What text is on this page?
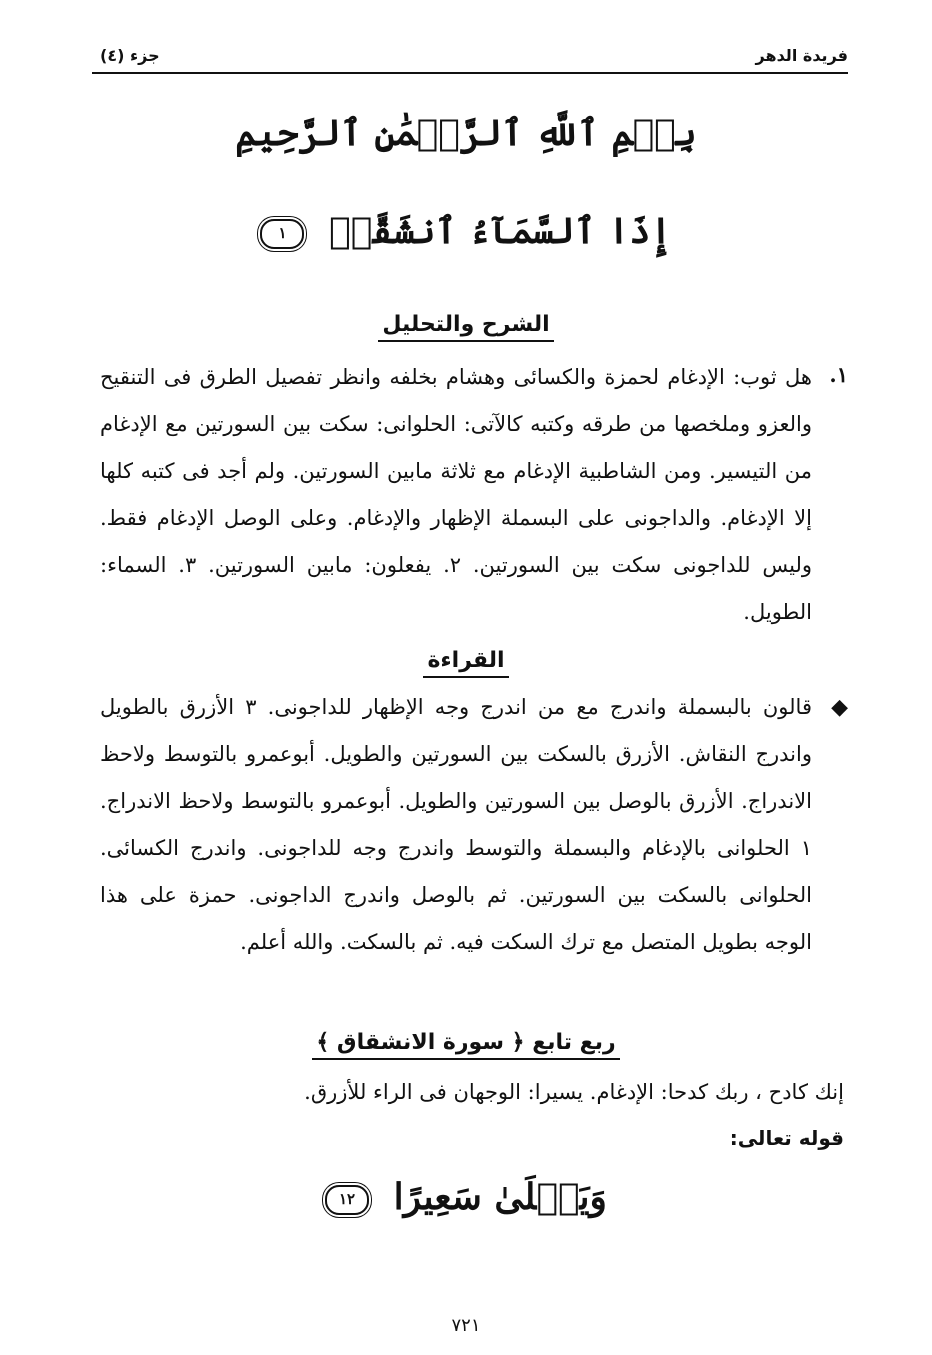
فريدة الدهر
جزء (٤)
بِسۡمِ ٱللَّهِ ٱلرَّحۡمَٰنِ ٱلرَّحِيمِ
إِذَا ٱلسَّمَآءُ ٱنشَقَّتۡ ١
الشرح والتحليل
١.
هل ثوب: الإدغام لحمزة والكسائى وهشام بخلفه وانظر تفصيل الطرق فى التنقيح والعزو وملخصها من طرقه وكتبه كالآتى: الحلوانى: سكت بين السورتين مع الإدغام من التيسير. ومن الشاطبية الإدغام مع ثلاثة مابين السورتين. ولم أجد فى كتبه كلها إلا الإدغام. والداجونى على البسملة الإظهار والإدغام. وعلى الوصل الإدغام فقط. وليس للداجونى سكت بين السورتين. ٢. يفعلون: مابين السورتين. ٣. السماء: الطويل.
القراءة
◆
قالون بالبسملة واندرج مع من اندرج وجه الإظهار للداجونى. ٣ الأزرق بالطويل واندرج النقاش. الأزرق بالسكت بين السورتين والطويل. أبوعمرو بالتوسط ولاحظ الاندراج. الأزرق بالوصل بين السورتين والطويل. أبوعمرو بالتوسط ولاحظ الاندراج. ١ الحلوانى بالإدغام والبسملة والتوسط واندرج وجه للداجونى. واندرج الكسائى. الحلوانى بالسكت بين السورتين. ثم بالوصل واندرج الداجونى. حمزة على هذا الوجه بطويل المتصل مع ترك السكت فيه. ثم بالسكت. والله أعلم.
ربع تابع ﴿ سورة الانشقاق ﴾
إنك كادح ، ربك كدحا: الإدغام. يسيرا: الوجهان فى الراء للأزرق.
قوله تعالى:
وَيَصۡلَىٰ سَعِيرًا ١٢
٧٢١
